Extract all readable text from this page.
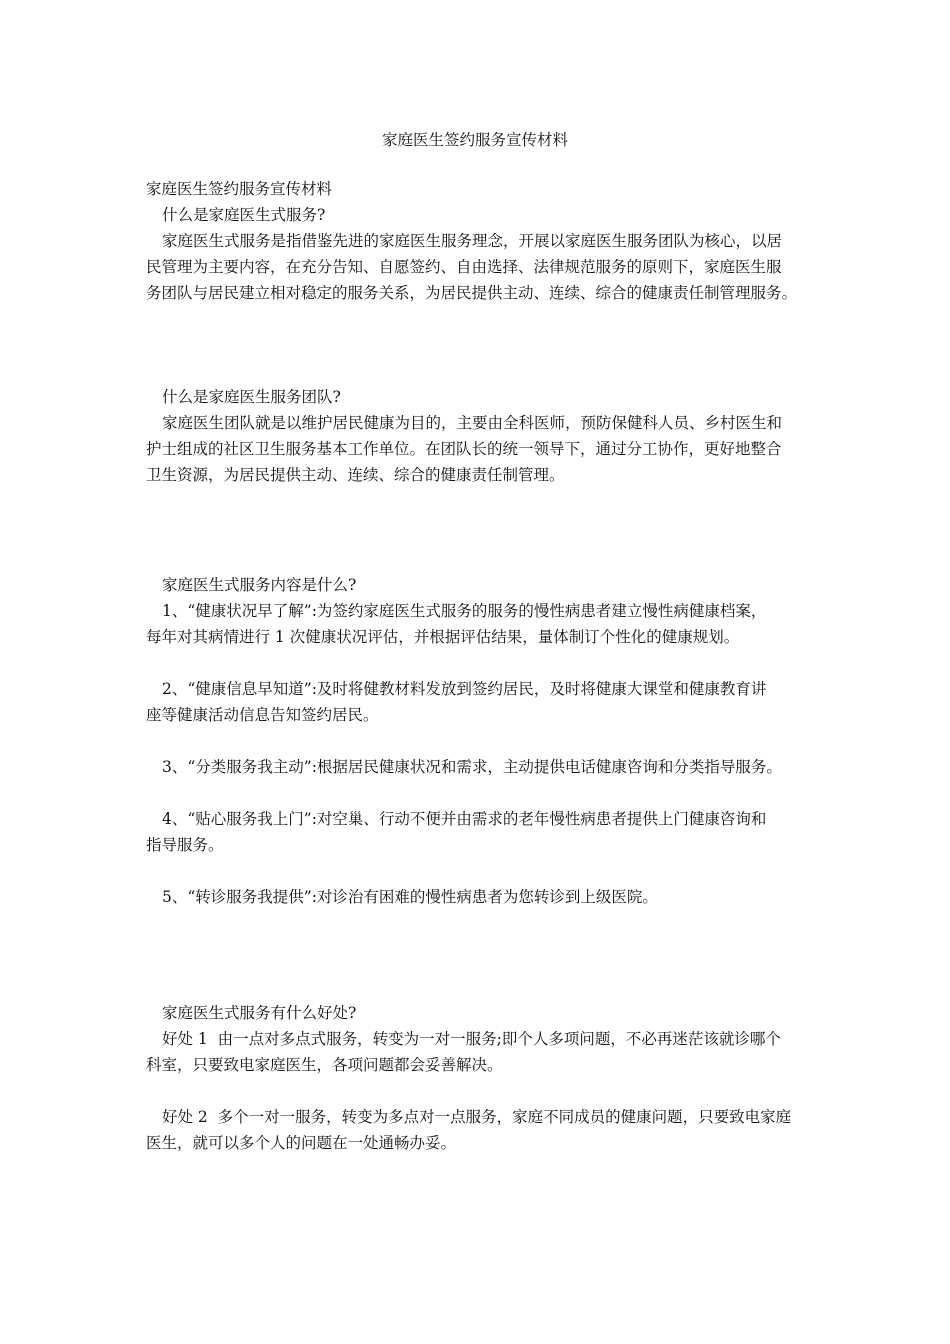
家庭医生签约服务宣传材料
家庭医生签约服务宣传材料
什么是家庭医生式服务?
家庭医生式服务是指借鉴先进的家庭医生服务理念，开展以家庭医生服务团队为核心，以居
民管理为主要内容，在充分告知、自愿签约、自由选择、法律规范服务的原则下，家庭医生服
务团队与居民建立相对稳定的服务关系，为居民提供主动、连续、综合的健康责任制管理服务。
什么是家庭医生服务团队?
家庭医生团队就是以维护居民健康为目的，主要由全科医师，预防保健科人员、乡村医生和
护士组成的社区卫生服务基本工作单位。在团队长的统一领导下，通过分工协作，更好地整合
卫生资源，为居民提供主动、连续、综合的健康责任制管理。
家庭医生式服务内容是什么?
1、“健康状况早了解”:为签约家庭医生式服务的服务的慢性病患者建立慢性病健康档案，
每年对其病情进行 1 次健康状况评估，并根据评估结果，量体制订个性化的健康规划。
2、“健康信息早知道”:及时将健教材料发放到签约居民，及时将健康大课堂和健康教育讲
座等健康活动信息告知签约居民。
3、“分类服务我主动”:根据居民健康状况和需求，主动提供电话健康咨询和分类指导服务。
4、“贴心服务我上门”:对空巢、行动不便并由需求的老年慢性病患者提供上门健康咨询和
指导服务。
5、“转诊服务我提供”:对诊治有困难的慢性病患者为您转诊到上级医院。
家庭医生式服务有什么好处?
好处 1  由一点对多点式服务，转变为一对一服务;即个人多项问题，不必再迷茫该就诊哪个
科室，只要致电家庭医生，各项问题都会妥善解决。
好处 2  多个一对一服务，转变为多点对一点服务，家庭不同成员的健康问题，只要致电家庭
医生，就可以多个人的问题在一处通畅办妥。
